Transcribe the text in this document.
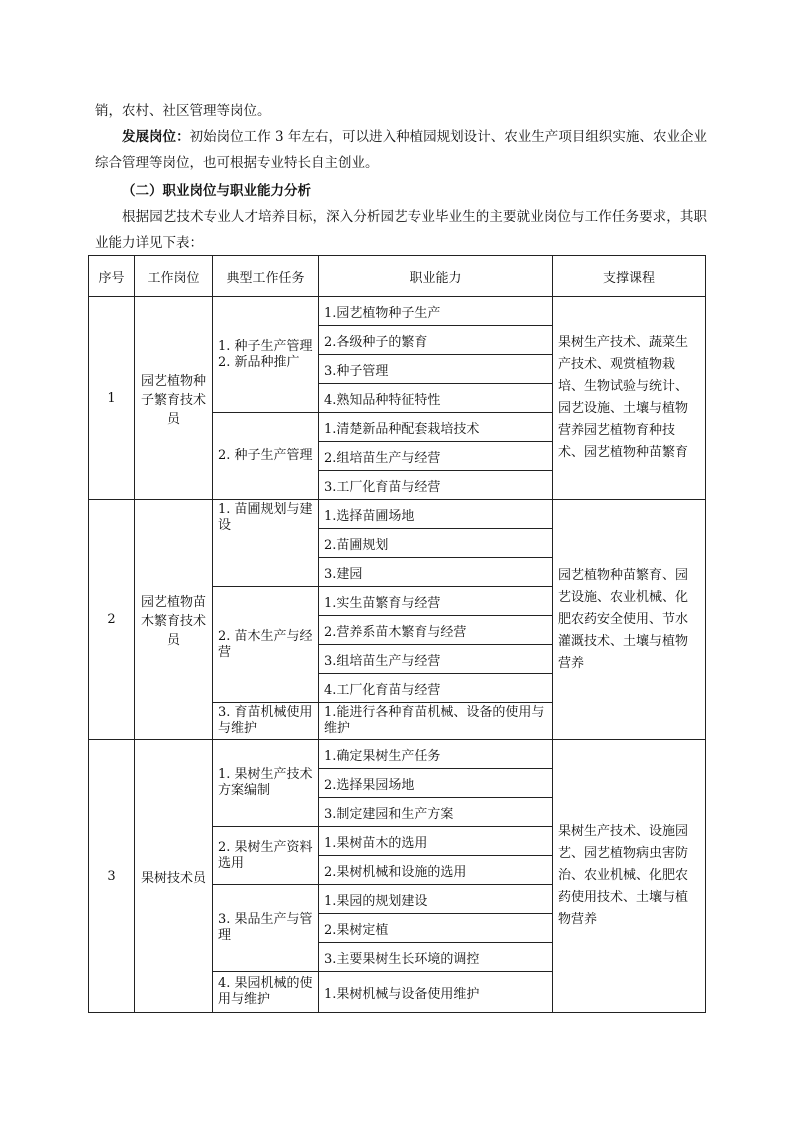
销，农村、社区管理等岗位。

发展岗位：初始岗位工作 3 年左右，可以进入种植园规划设计、农业生产项目组织实施、农业企业综合管理等岗位，也可根据专业特长自主创业。

（二）职业岗位与职业能力分析

根据园艺技术专业人才培养目标，深入分析园艺专业毕业生的主要就业岗位与工作任务要求，其职业能力详见下表：

序号	工作岗位	典型工作任务	职业能力	支撑课程
1	园艺植物种子繁育技术员	1. 种子生产管理 2. 新品种推广	1.园艺植物种子生产	果树生产技术、蔬菜生产技术、观赏植物栽培、生物试验与统计、园艺设施、土壤与植物营养园艺植物育种技术、园艺植物种苗繁育
			2.各级种子的繁育	
			3.种子管理	
			4.熟知品种特征特性	
		2. 种子生产管理	1.清楚新品种配套栽培技术	
			2.组培苗生产与经营	
			3.工厂化育苗与经营	
2	园艺植物苗木繁育技术员	1. 苗圃规划与建设	1.选择苗圃场地	园艺植物种苗繁育、园艺设施、农业机械、化肥农药安全使用、节水灌溉技术、土壤与植物营养
			2.苗圃规划	
			3.建园	
		2. 苗木生产与经营	1.实生苗繁育与经营	
			2.营养系苗木繁育与经营	
			3.组培苗生产与经营	
			4.工厂化育苗与经营	
		3. 育苗机械使用与维护	1.能进行各种育苗机械、设备的使用与维护	
3	果树技术员	1. 果树生产技术方案编制	1.确定果树生产任务	果树生产技术、设施园艺、园艺植物病虫害防治、农业机械、化肥农药使用技术、土壤与植物营养
			2.选择果园场地	
			3.制定建园和生产方案	
		2. 果树生产资料选用	1.果树苗木的选用	
			2.果树机械和设施的选用	
		3. 果品生产与管理	1.果园的规划建设	
			2.果树定植	
			3.主要果树生长环境的调控	
		4. 果园机械的使用与维护	1.果树机械与设备使用维护	
